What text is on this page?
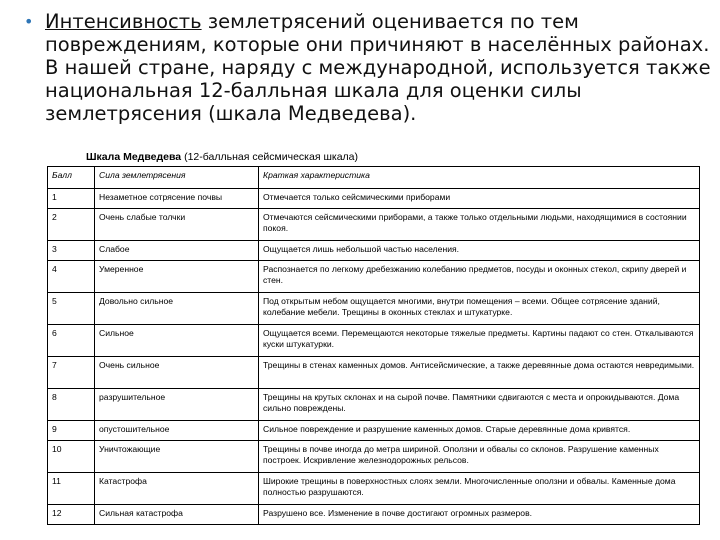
• Интенсивность землетрясений оценивается по тем повреждениям, которые они причиняют в населённых районах. В нашей стране, наряду с международной, используется также национальная 12-балльная шкала для оценки силы землетрясения (шкала Медведева).
Шкала Медведева (12-балльная сейсмическая шкала)
Балл	Сила землетрясения	Краткая характеристика
1	Незаметное сотрясение почвы	Отмечается только сейсмическими приборами
2	Очень слабые толчки	Отмечаются сейсмическими приборами, а также только отдельными людьми, находящимися в состоянии покоя.
3	Слабое	Ощущается лишь небольшой частью населения.
4	Умеренное	Распознается по легкому дребезжанию колебанию предметов, посуды и оконных стекол, скрипу дверей и стен.
5	Довольно сильное	Под открытым небом ощущается многими, внутри помещения – всеми. Общее сотрясение зданий, колебание мебели. Трещины в оконных стеклах и штукатурке.
6	Сильное	Ощущается всеми. Перемещаются некоторые тяжелые предметы. Картины падают со стен. Откалываются куски штукатурки.
7	Очень сильное	Трещины в стенах каменных домов. Антисейсмические, а также деревянные дома остаются невредимыми.
8	разрушительное	Трещины на крутых склонах и на сырой почве. Памятники сдвигаются с места и опрокидываются. Дома сильно повреждены.
9	опустошительное	Сильное повреждение и разрушение каменных домов. Старые деревянные дома кривятся.
10	Уничтожающие	Трещины в почве иногда до метра шириной. Оползни и обвалы со склонов. Разрушение каменных построек. Искривление железнодорожных рельсов.
11	Катастрофа	Широкие трещины в поверхностных слоях земли. Многочисленные оползни и обвалы. Каменные дома полностью разрушаются.
12	Сильная катастрофа	Разрушено все. Изменение в почве достигают огромных размеров.
